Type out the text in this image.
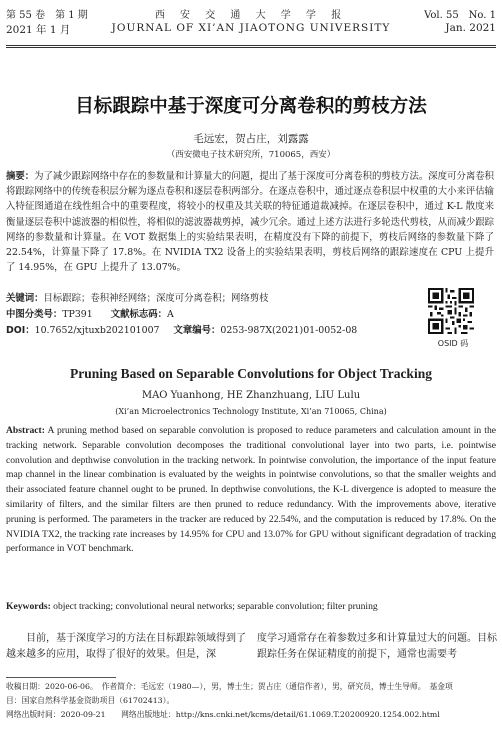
第 55 卷　第 1 期
2021 年 1 月
西 安 交 通 大 学 学 报
JOURNAL OF XI’AN JIAOTONG UNIVERSITY
Vol. 55　No. 1
Jan. 2021
目标跟踪中基于深度可分离卷积的剪枝方法
毛远宏，贺占庄，刘露露
（西安微电子技术研究所，710065，西安）
摘要：为了减少跟踪网络中存在的参数量和计算量大的问题，提出了基于深度可分离卷积的剪枝方法。深度可分离卷积将跟踪网络中的传统卷积层分解为逐点卷积和逐层卷积两部分。在逐点卷积中，通过逐点卷积层中权重的大小来评估输入特征图通道在线性组合中的重要程度，将较小的权重及其关联的特征通道裁减掉。在逐层卷积中，通过 K-L 散度来衡量逐层卷积中滤波器的相似性，将相似的滤波器裁剪掉，减少冗余。通过上述方法进行多轮迭代剪枝，从而减少跟踪网络的参数量和计算量。在 VOT 数据集上的实验结果表明，在精度没有下降的前提下，剪枝后网络的参数量下降了 22.54%，计算量下降了 17.8%。在 NVIDIA TX2 设备上的实验结果表明，剪枝后网络的跟踪速度在 CPU 上提升了 14.95%，在 GPU 上提升了 13.07%。
关键词：目标跟踪；卷积神经网络；深度可分离卷积；网络剪枝
中图分类号：TP391 文献标志码：A
DOI：10.7652/xjtuxb202101007 文章编号：0253-987X(2021)01-0052-08
OSID 码
Pruning Based on Separable Convolutions for Object Tracking
MAO Yuanhong, HE Zhanzhuang, LIU Lulu
(Xi’an Microelectronics Technology Institute, Xi’an 710065, China)
Abstract: A pruning method based on separable convolution is proposed to reduce parameters and calculation amount in the tracking network. Separable convolution decomposes the traditional convolutional layer into two parts, i.e. pointwise convolution and depthwise convolution in the tracking network. In pointwise convolution, the importance of the input feature map channel in the linear combination is evaluated by the weights in pointwise convolutions, so that the smaller weights and their associated feature channel ought to be pruned. In depthwise convolutions, the K-L divergence is adopted to measure the similarity of filters, and the similar filters are then pruned to reduce redundancy. With the improvements above, iterative pruning is performed. The parameters in the tracker are reduced by 22.54%, and the computation is reduced by 17.8%. On the NVIDIA TX2, the tracking rate increases by 14.95% for CPU and 13.07% for GPU without significant degradation of tracking performance in VOT benchmark.
Keywords: object tracking; convolutional neural networks; separable convolution; filter pruning
目前，基于深度学习的方法在目标跟踪领域得到了越来越多的应用，取得了很好的效果。但是，深
度学习通常存在着参数过多和计算量过大的问题。目标跟踪任务在保证精度的前提下，通常也需要考
收稿日期：2020-06-06。　作者简介：毛远宏（1980—），男，博士生；贺占庄（通信作者），男，研究员，博士生导师。　基金项
目：国家自然科学基金资助项目（61702413）。
网络出版时间：2020-09-21　　网络出版地址：http://kns.cnki.net/kcms/detail/61.1069.T.20200920.1254.002.html
